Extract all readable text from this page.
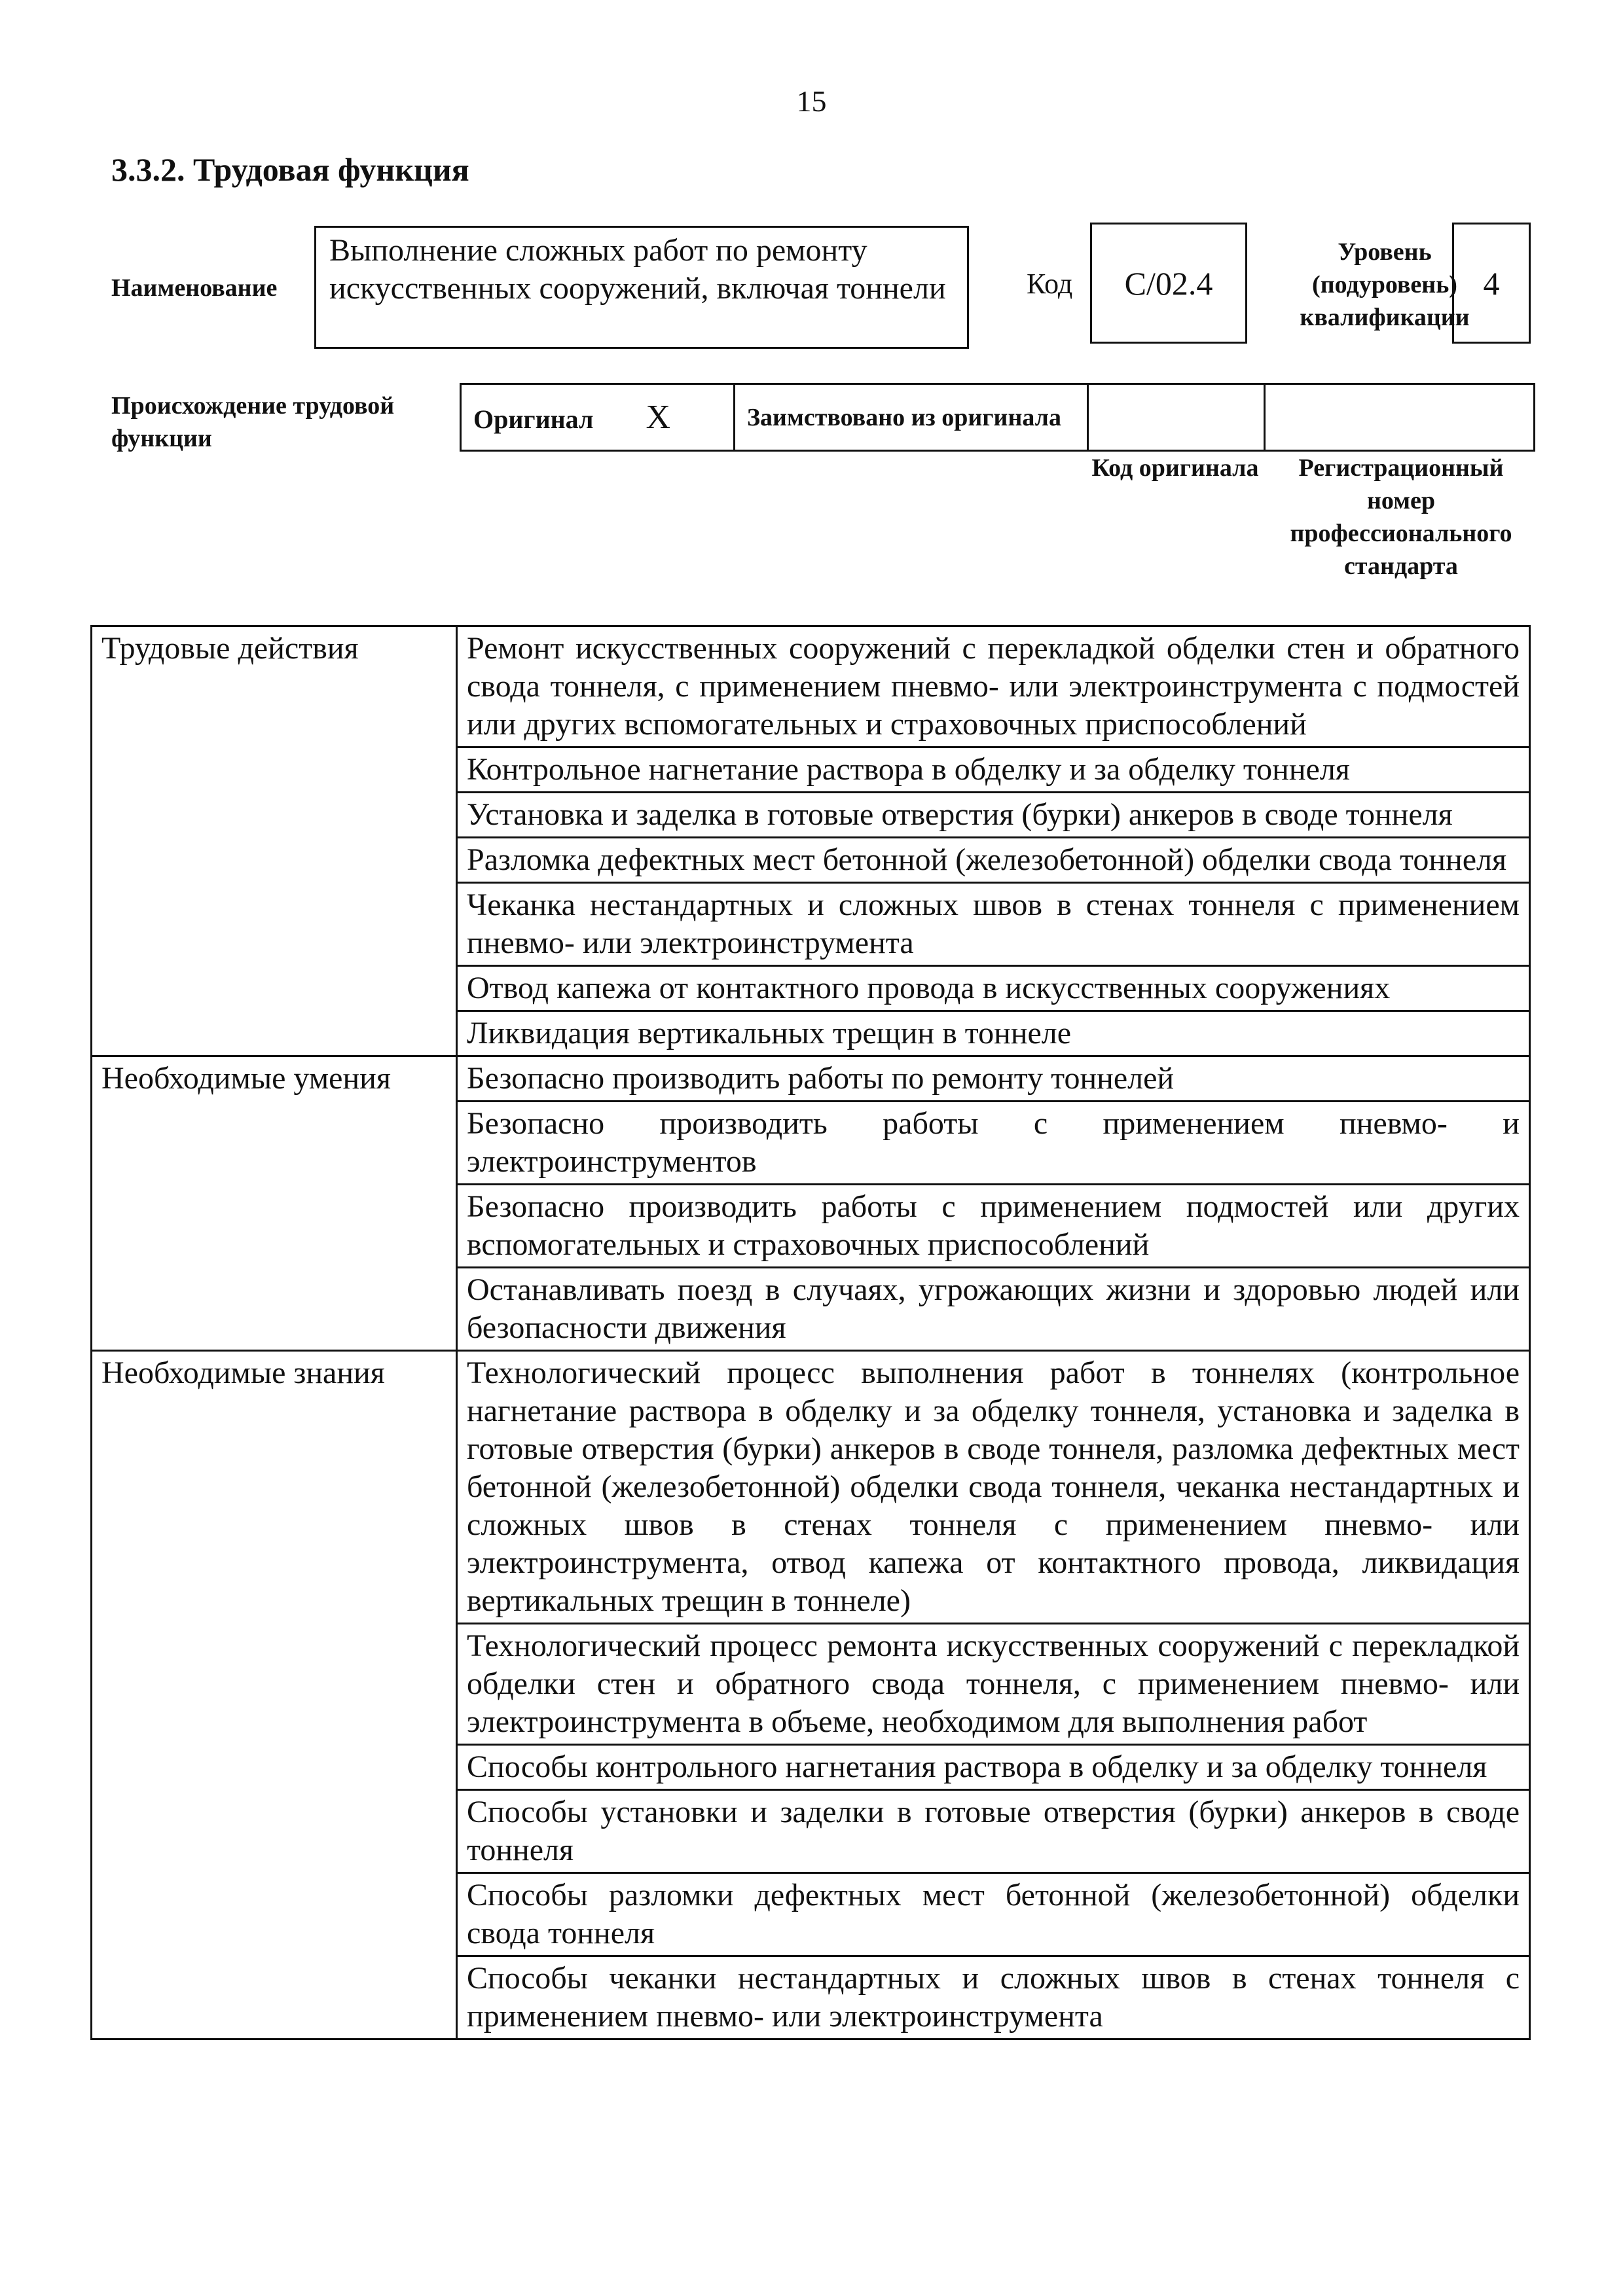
15
3.3.2. Трудовая функция
Наименование
Выполнение сложных работ по ремонту искусственных сооружений, включая тоннели	Код C/02.4
Уровень
(подуровень)
квалификации
4
Происхождение трудовой функции
Оригинал X	Заимствовано из оригинала		
Код оригинала	Регистрационный номер профессионального стандарта
Трудовые действия	Ремонт искусственных сооружений с перекладкой обделки стен и обратного свода тоннеля, с применением пневмо- или электроинструмента с подмостей или других вспомогательных и страховочных приспособлений
	Контрольное нагнетание раствора в обделку и за обделку тоннеля
	Установка и заделка в готовые отверстия (бурки) анкеров в своде тоннеля
	Разломка дефектных мест бетонной (железобетонной) обделки свода тоннеля
	Чеканка нестандартных и сложных швов в стенах тоннеля с применением пневмо- или электроинструмента
	Отвод капежа от контактного провода в искусственных сооружениях
	Ликвидация вертикальных трещин в тоннеле
Необходимые умения	Безопасно производить работы по ремонту тоннелей
	Безопасно производить работы с применением пневмо- и электроинструментов
	Безопасно производить работы с применением подмостей или других вспомогательных и страховочных приспособлений
	Останавливать поезд в случаях, угрожающих жизни и здоровью людей или безопасности движения
Необходимые знания	Технологический процесс выполнения работ в тоннелях (контрольное нагнетание раствора в обделку и за обделку тоннеля, установка и заделка в готовые отверстия (бурки) анкеров в своде тоннеля, разломка дефектных мест бетонной (железобетонной) обделки свода тоннеля, чеканка нестандартных и сложных швов в стенах тоннеля с применением пневмо- или электроинструмента, отвод капежа от контактного провода, ликвидация вертикальных трещин в тоннеле)
	Технологический процесс ремонта искусственных сооружений с перекладкой обделки стен и обратного свода тоннеля, с применением пневмо- или электроинструмента в объеме, необходимом для выполнения работ
	Способы контрольного нагнетания раствора в обделку и за обделку тоннеля
	Способы установки и заделки в готовые отверстия (бурки) анкеров в своде тоннеля
	Способы разломки дефектных мест бетонной (железобетонной) обделки свода тоннеля
	Способы чеканки нестандартных и сложных швов в стенах тоннеля с применением пневмо- или электроинструмента
